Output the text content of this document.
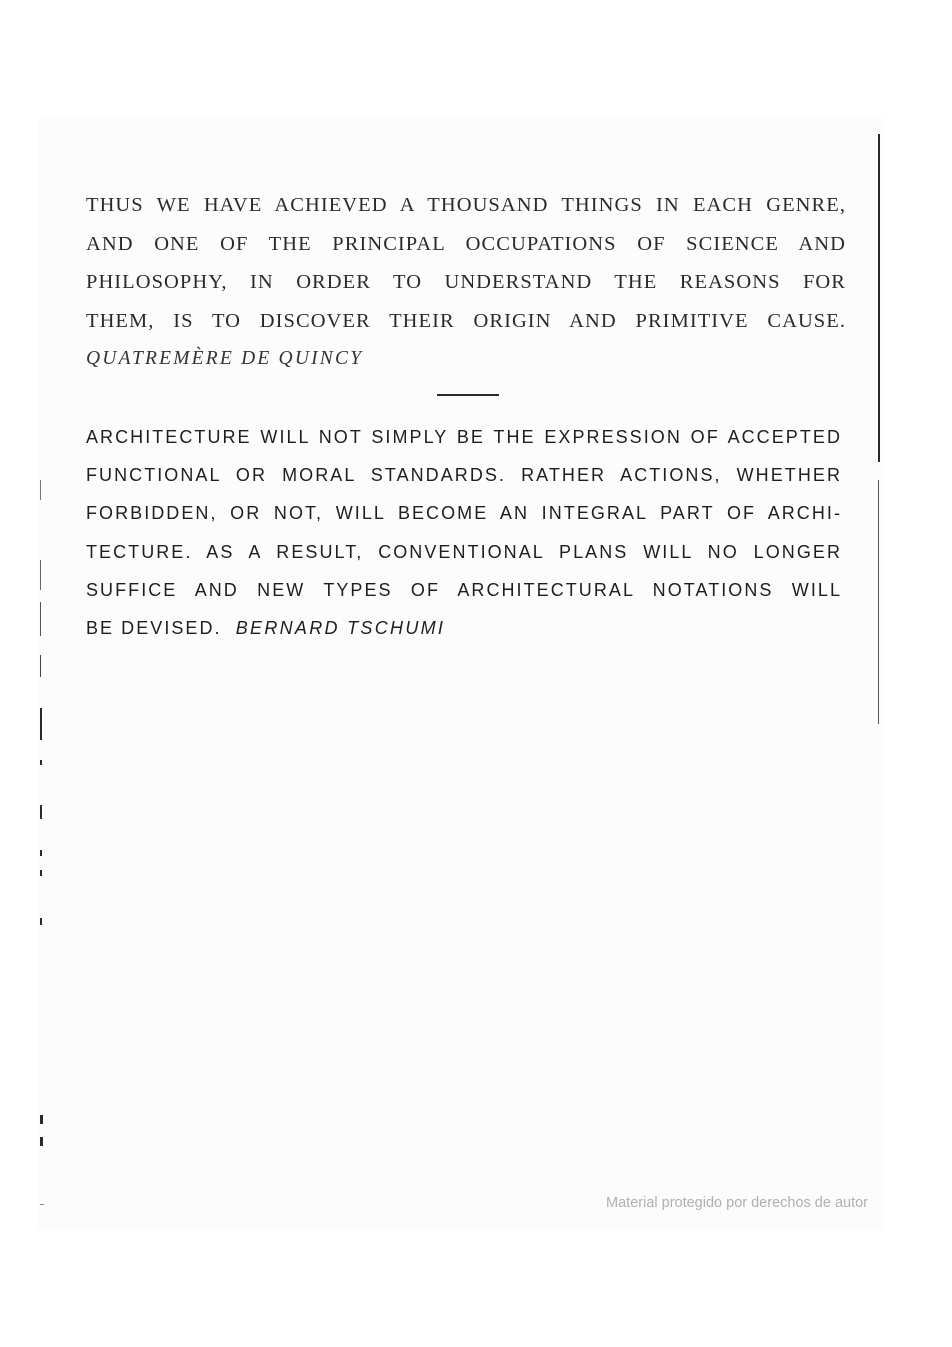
THUS WE HAVE ACHIEVED A THOUSAND THINGS IN EACH GENRE,
AND ONE OF THE PRINCIPAL OCCUPATIONS OF SCIENCE AND
PHILOSOPHY, IN ORDER TO UNDERSTAND THE REASONS FOR
THEM, IS TO DISCOVER THEIR ORIGIN AND PRIMITIVE CAUSE.
QUATREMÈRE DE QUINCY
ARCHITECTURE WILL NOT SIMPLY BE THE EXPRESSION OF ACCEPTED
FUNCTIONAL OR MORAL STANDARDS. RATHER ACTIONS, WHETHER
FORBIDDEN, OR NOT, WILL BECOME AN INTEGRAL PART OF ARCHI-
TECTURE. AS A RESULT, CONVENTIONAL PLANS WILL NO LONGER
SUFFICE AND NEW TYPES OF ARCHITECTURAL NOTATIONS WILL
BE DEVISED. BERNARD TSCHUMI
Material protegido por derechos de autor
